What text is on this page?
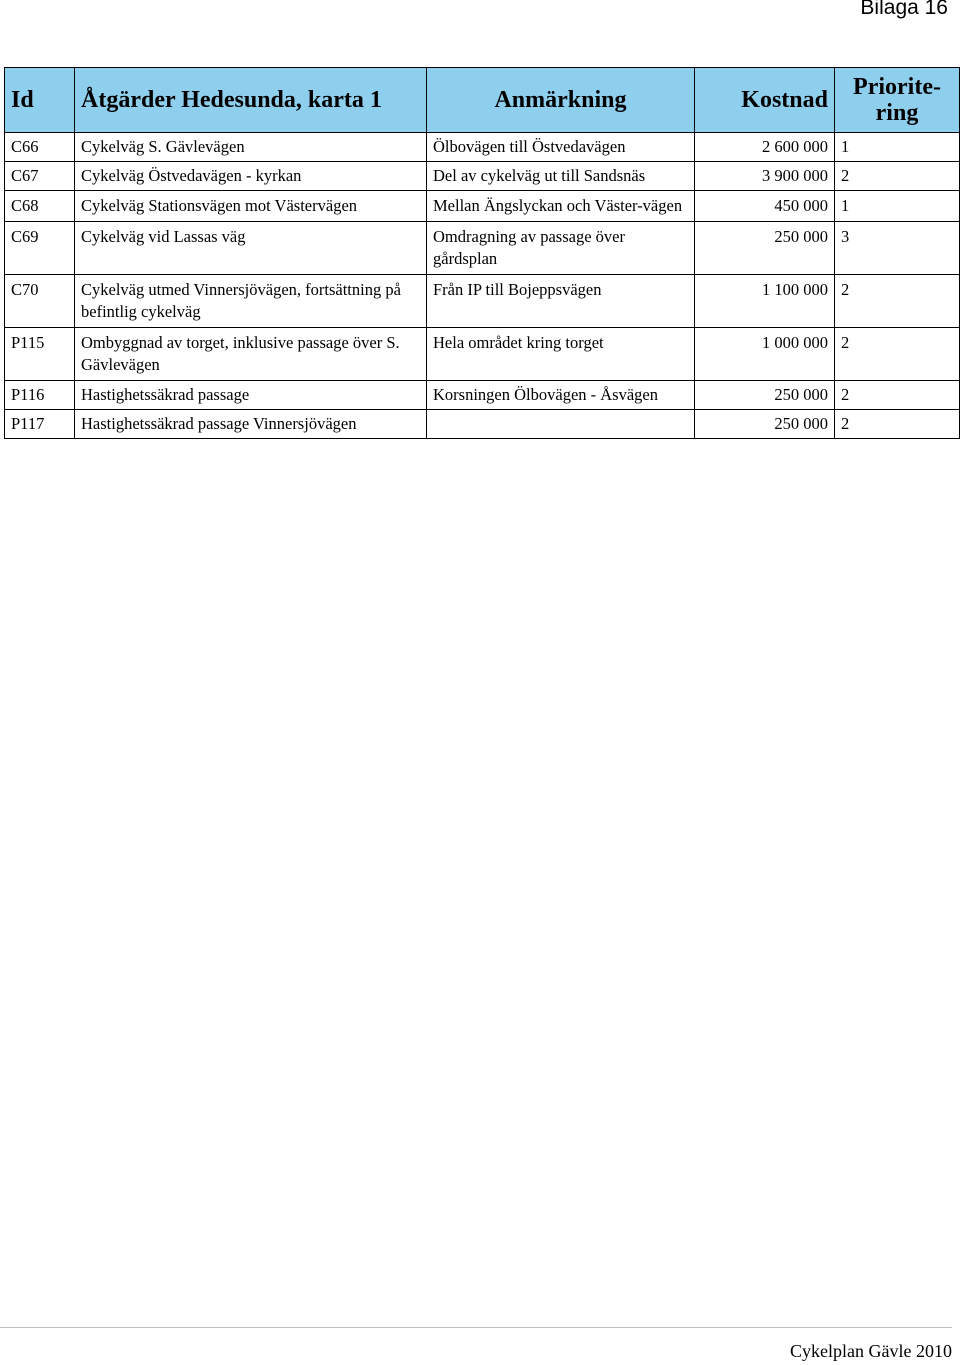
Bilaga 16
Id	Åtgärder Hedesunda, karta 1	Anmärkning	Kostnad	Priorite-ring
C66	Cykelväg S. Gävlevägen	Ölbovägen till Östvedavägen	2 600 000	1
C67	Cykelväg Östvedavägen - kyrkan	Del av cykelväg ut till Sandsnäs	3 900 000	2
C68	Cykelväg Stationsvägen mot Västervägen	Mellan Ängslyckan och Väster-vägen	450 000	1
C69	Cykelväg vid Lassas väg	Omdragning av passage över gårdsplan	250 000	3
C70	Cykelväg utmed Vinnersjövägen, fortsättning på befintlig cykelväg	Från IP till Bojeppsvägen	1 100 000	2
P115	Ombyggnad av torget, inklusive passage över S. Gävlevägen	Hela området kring torget	1 000 000	2
P116	Hastighetssäkrad passage	Korsningen Ölbovägen - Åsvägen	250 000	2
P117	Hastighetssäkrad passage Vinnersjövägen		250 000	2
Cykelplan Gävle 2010
